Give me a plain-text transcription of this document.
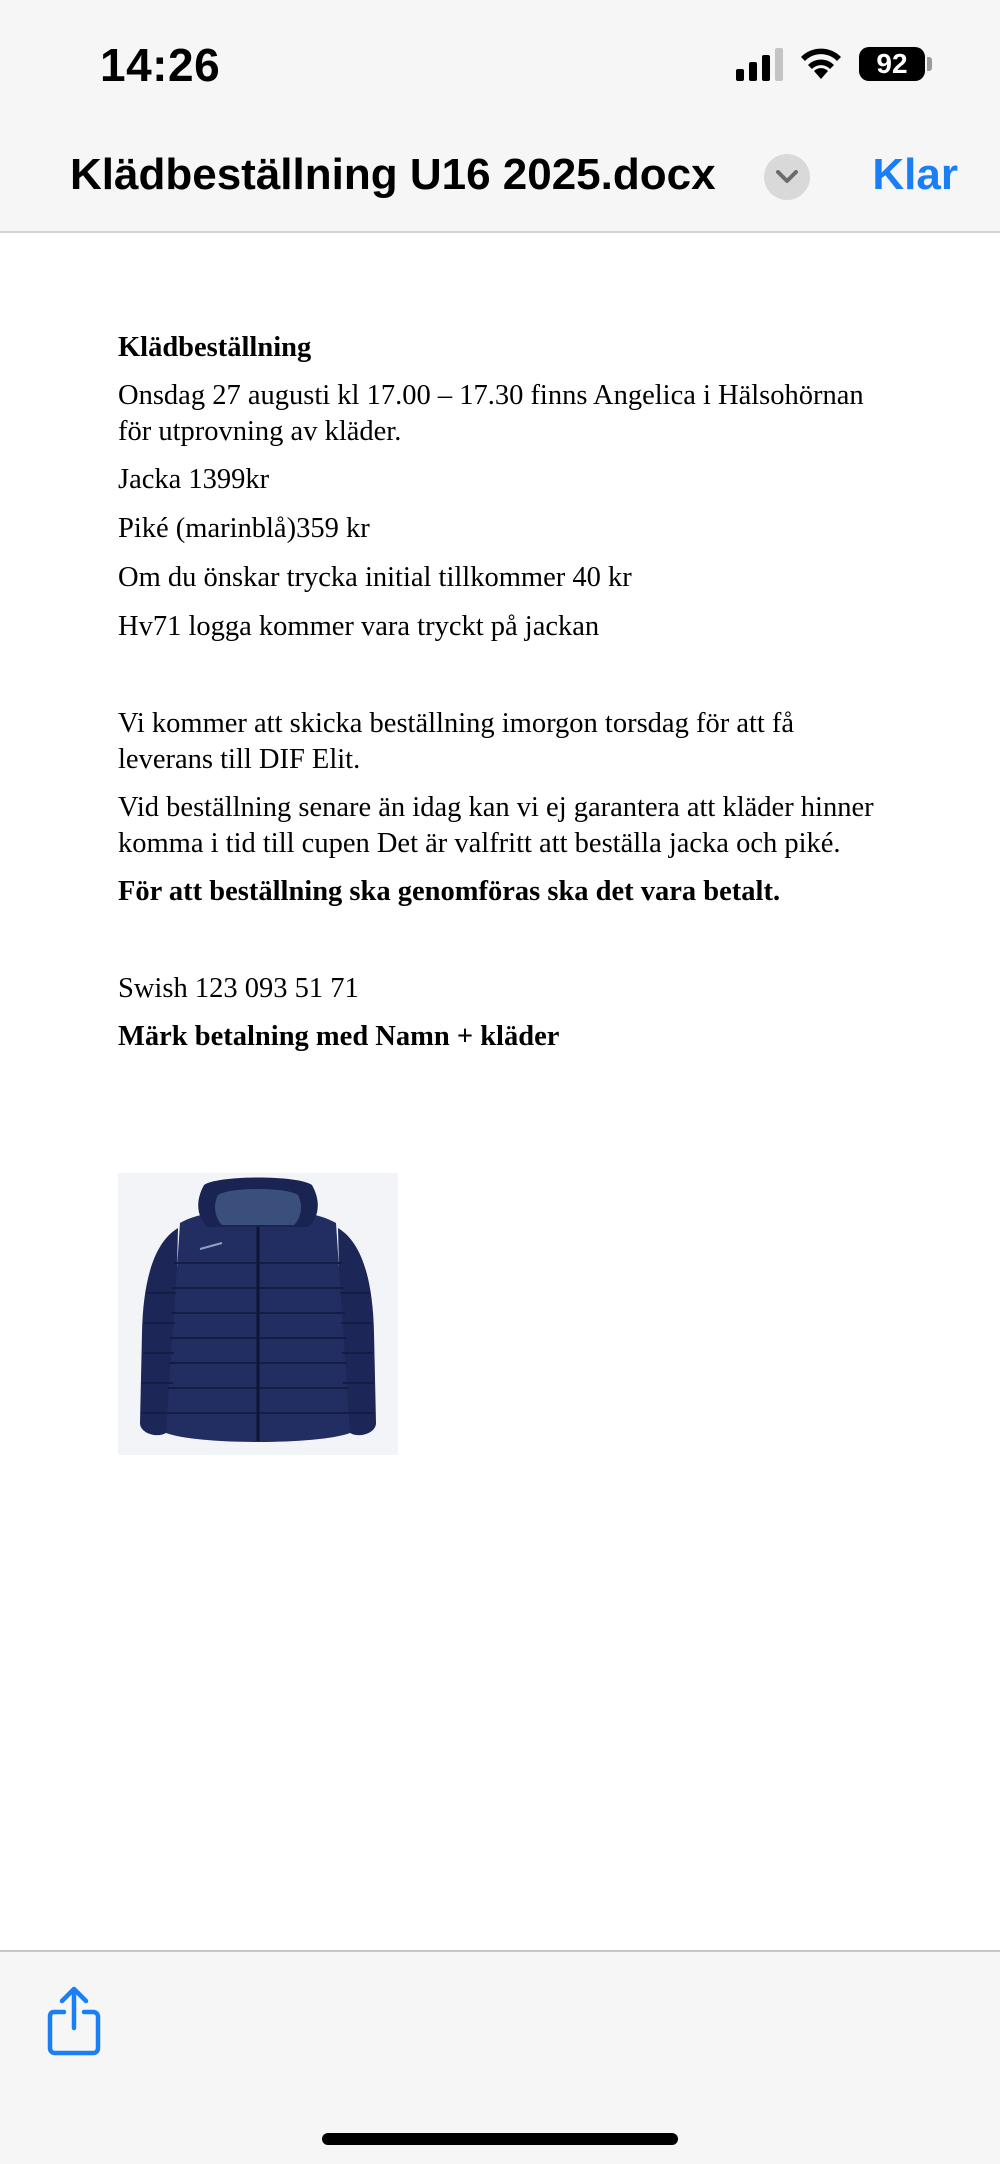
14:26	92
Klädbeställning U16 2025.docx	Klar

Klädbeställning

Onsdag 27 augusti kl 17.00 – 17.30 finns Angelica i Hälsohörnan för utprovning av kläder.

Jacka 1399kr

Piké (marinblå)359 kr

Om du önskar trycka initial tillkommer 40 kr

Hv71 logga kommer vara tryckt på jackan

Vi kommer att skicka beställning imorgon torsdag för att få leverans till DIF Elit.

Vid beställning senare än idag kan vi ej garantera att kläder hinner komma i tid till cupen Det är valfritt att beställa jacka och piké.

För att beställning ska genomföras ska det vara betalt.

Swish 123 093 51 71

Märk betalning med Namn + kläder
